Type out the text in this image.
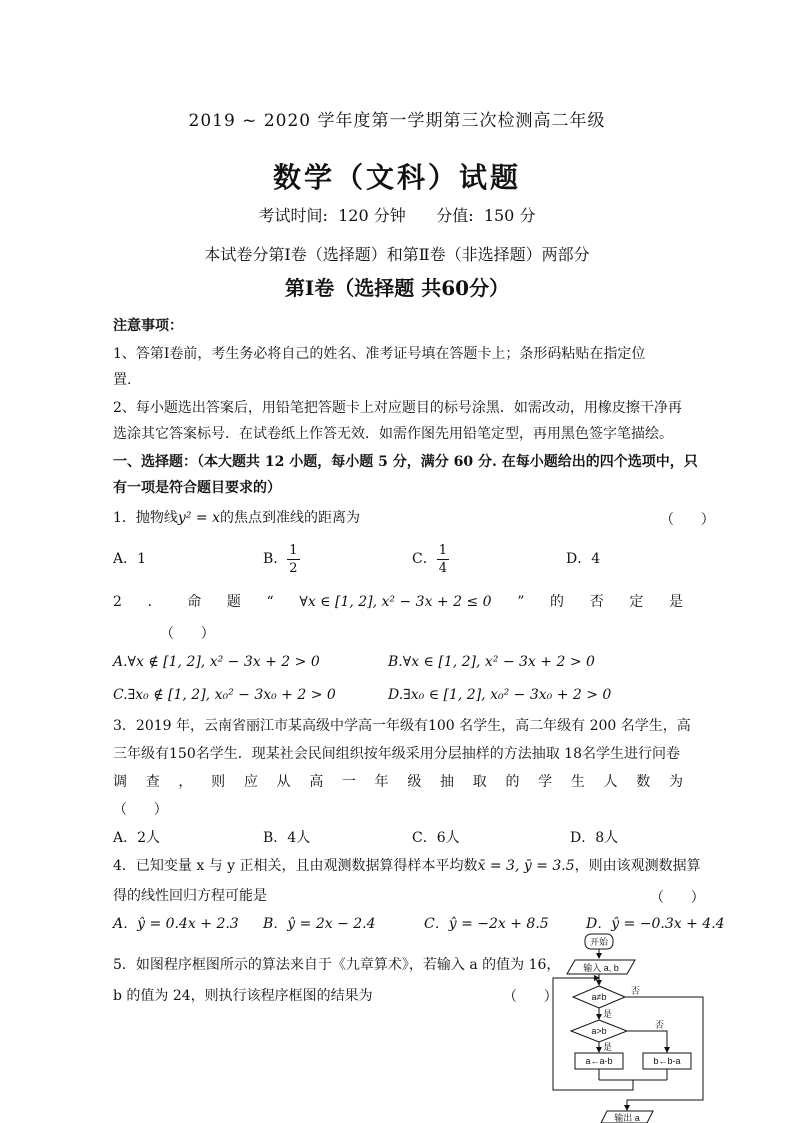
2019 ~ 2020 学年度第一学期第三次检测高二年级
数学（文科）试题
考试时间:  120 分钟      分值:  150 分
本试卷分第Ⅰ卷（选择题）和第Ⅱ卷（非选择题）两部分
第Ⅰ卷（选择题 共60分）
注意事项：
1、答第Ⅰ卷前，考生务必将自己的姓名、准考证号填在答题卡上；条形码粘贴在指定位
置.
2、每小题选出答案后，用铅笔把答题卡上对应题目的标号涂黑．如需改动，用橡皮擦干净再
选涂其它答案标号．在试卷纸上作答无效．如需作图先用铅笔定型，再用黑色签字笔描绘。
一、选择题：（本大题共 12 小题，每小题 5 分，满分 60 分. 在每小题给出的四个选项中，只
有一项是符合题目要求的）
1．抛物线y² = x的焦点到准线的距离为	（      ）
A．1	B． $\frac{1}{2}$	C． $\frac{1}{4}$	D．4
2 ． 命 题 “ ∀x ∈ [1, 2], x² − 3x + 2 ≤ 0 ” 的 否 定 是
（      ）
A.∀x ∉ [1, 2], x² − 3x + 2 > 0	B.∀x ∈ [1, 2], x² − 3x + 2 > 0
C.∃x₀ ∉ [1, 2], x₀² − 3x₀ + 2 > 0	D.∃x₀ ∈ [1, 2], x₀² − 3x₀ + 2 > 0
3．2019 年，云南省丽江市某高级中学高一年级有100 名学生，高二年级有 200 名学生，高
三年级有150名学生．现某社会民间组织按年级采用分层抽样的方法抽取 18名学生进行问卷
调 查 ， 则 应 从 高 一 年 级 抽 取 的 学 生 人 数 为
（      ）
A．2人	B．4人	C．6人	D．8人
4．已知变量 x 与 y 正相关，且由观测数据算得样本平均数x̄ = 3, ȳ = 3.5，则由该观测数据算
得的线性回归方程可能是	（      ）
A．ŷ = 0.4x + 2.3 B．ŷ = 2x − 2.4	C．ŷ = −2x + 8.5	D．ŷ = −0.3x + 4.4
5．如图程序框图所示的算法来自于《九章算术》，若输入 a 的值为 16，
b 的值为 24，则执行该程序框图的结果为	（      ）
开始
输入 a, b
a≠b
否
是
a>b
否
是
a←a-b	b←b-a
输出 a
